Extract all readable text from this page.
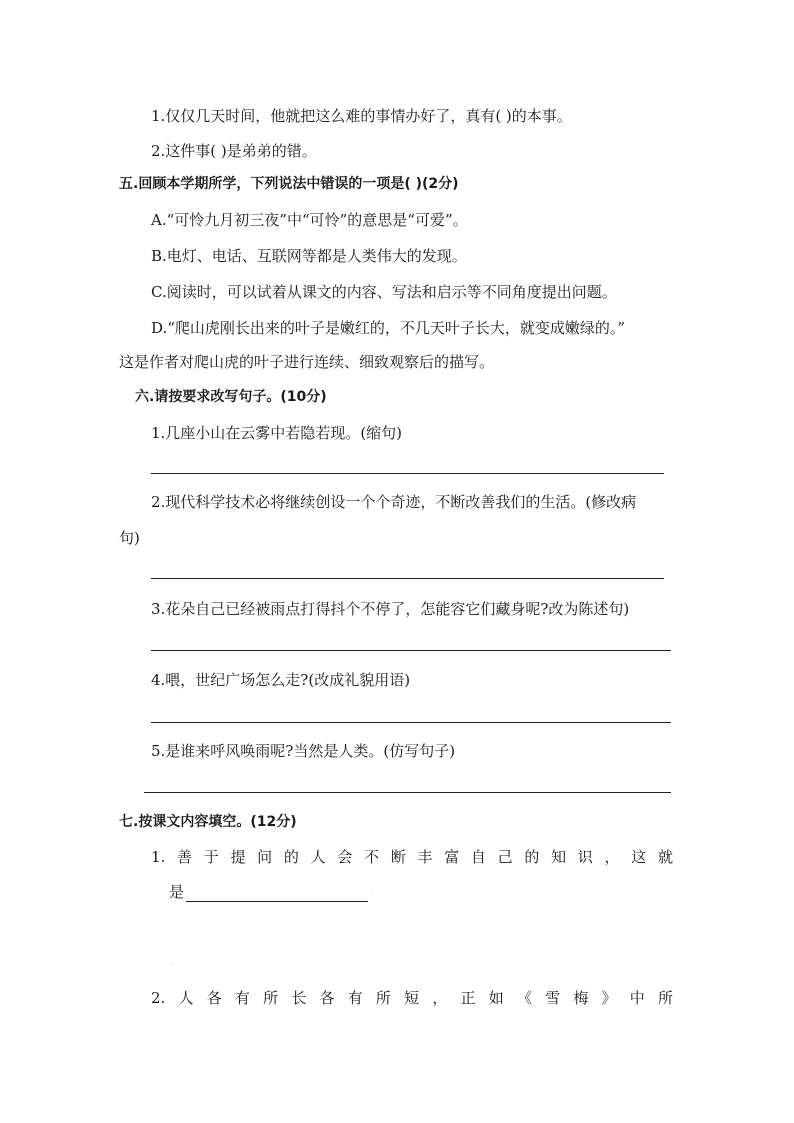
1.仅仅几天时间，他就把这么难的事情办好了，真有( )的本事。
2.这件事( )是弟弟的错。
五.回顾本学期所学，下列说法中错误的一项是( )(2分)
A.“可怜九月初三夜”中“可怜”的意思是“可爱”。
B.电灯、电话、互联网等都是人类伟大的发现。
C.阅读时，可以试着从课文的内容、写法和启示等不同角度提出问题。
D.“爬山虎刚长出来的叶子是嫩红的，不几天叶子长大，就变成嫩绿的。”
这是作者对爬山虎的叶子进行连续、细致观察后的描写。
六.请按要求改写句子。(10分)
1.几座小山在云雾中若隐若现。(缩句)
2.现代科学技术必将继续创设一个个奇迹，不断改善我们的生活。(修改病
句)
3.花朵自己已经被雨点打得抖个不停了，怎能容它们藏身呢?改为陈述句)
4.喂，世纪广场怎么走?(改成礼貌用语)
5.是谁来呼风唤雨呢?当然是人类。(仿写句子)
七.按课文内容填空。(12分)
1. 善 于 提 问 的 人 会 不 断 丰 富 自 己 的 知 识 ， 这 就
是	·
·
2. 人 各 有 所 长 各 有 所 短 ， 正 如 《 雪 梅 》 中 所
